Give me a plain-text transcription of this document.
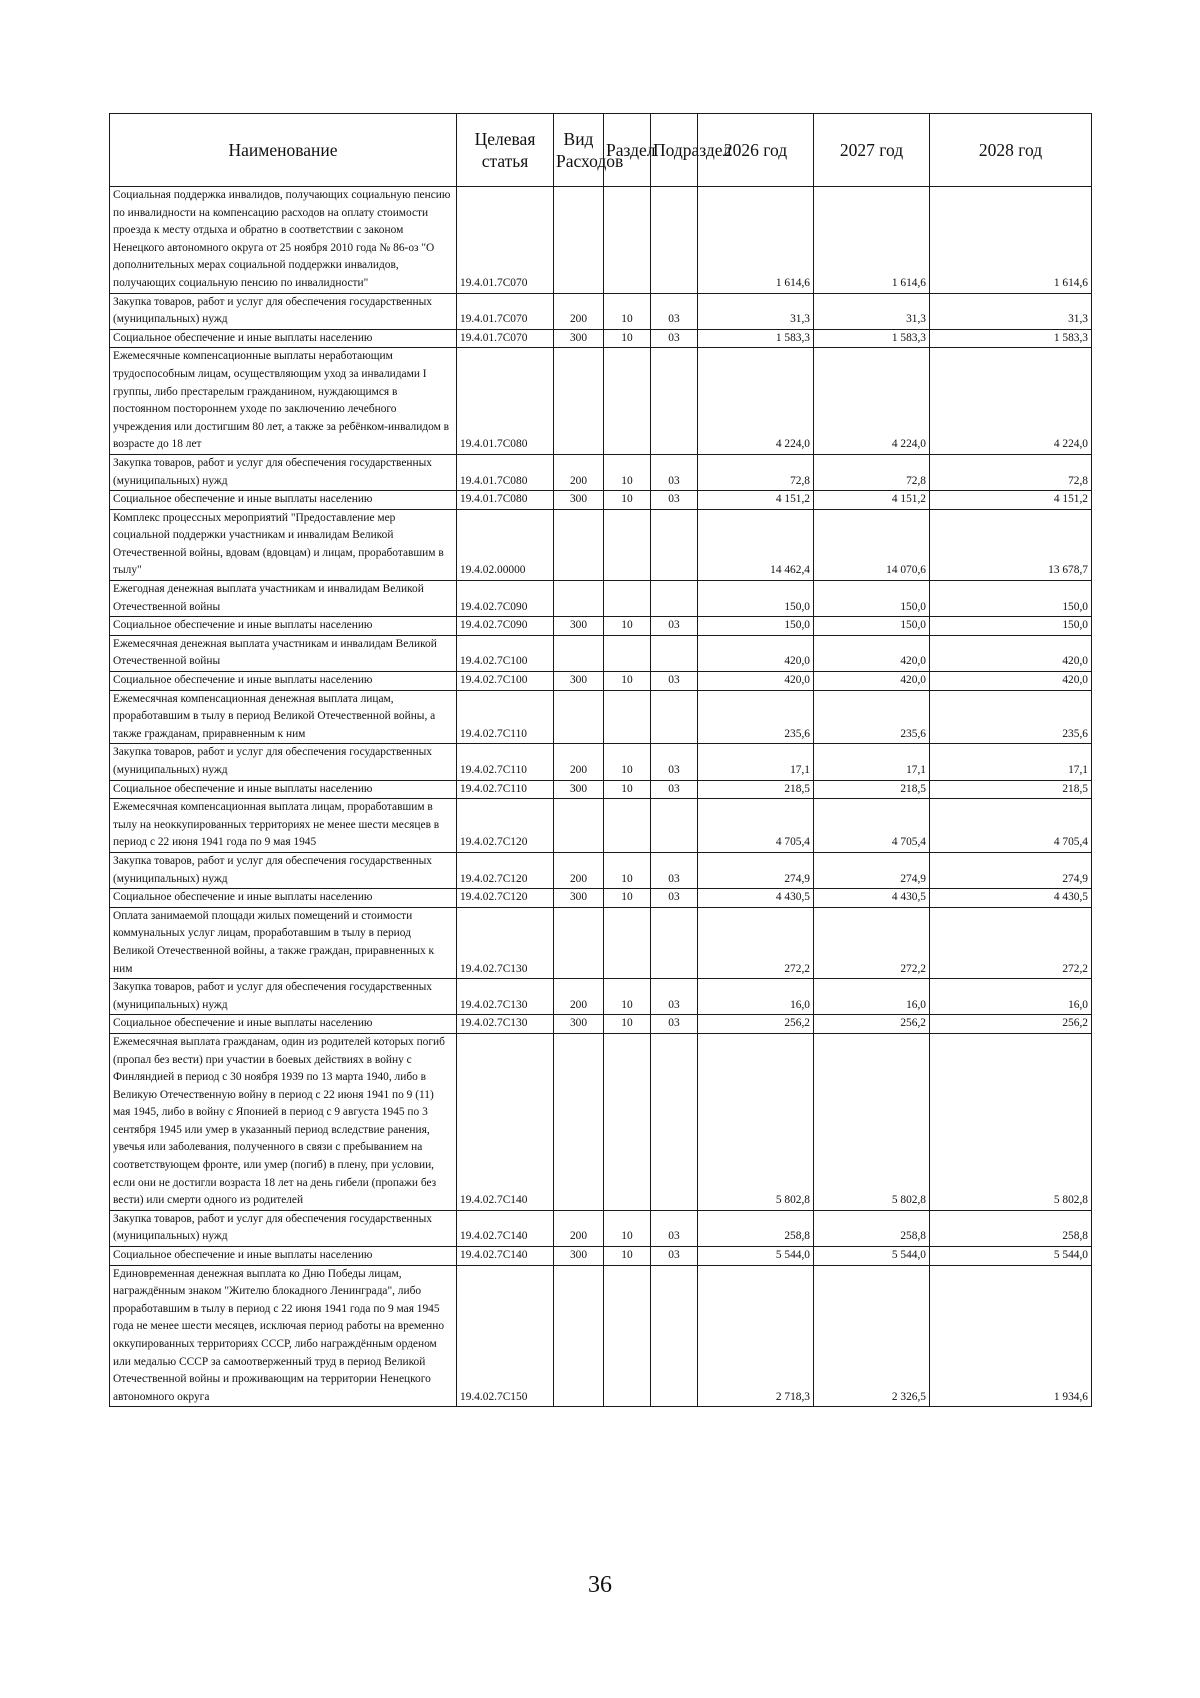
Наименование	Целевая статья	Вид Расходов	Раздел	Подраздел	2026 год	2027 год	2028 год
Социальная поддержка инвалидов, получающих социальную пенсию по инвалидности на компенсацию расходов на оплату стоимости проезда к месту отдыха и обратно в соответствии с законом Ненецкого автономного округа от 25 ноября 2010 года № 86-оз "О дополнительных мерах социальной поддержки инвалидов, получающих социальную пенсию по инвалидности"	19.4.01.7С070				1 614,6	1 614,6	1 614,6
Закупка товаров, работ и услуг для обеспечения государственных (муниципальных) нужд	19.4.01.7С070	200	10	03	31,3	31,3	31,3
Социальное обеспечение и иные выплаты населению	19.4.01.7С070	300	10	03	1 583,3	1 583,3	1 583,3
Ежемесячные компенсационные выплаты неработающим трудоспособным лицам, осуществляющим уход за инвалидами I группы, либо престарелым гражданином, нуждающимся в постоянном постороннем уходе по заключению лечебного учреждения или достигшим 80 лет, а также за ребёнком-инвалидом в возрасте до 18 лет	19.4.01.7С080				4 224,0	4 224,0	4 224,0
Закупка товаров, работ и услуг для обеспечения государственных (муниципальных) нужд	19.4.01.7С080	200	10	03	72,8	72,8	72,8
Социальное обеспечение и иные выплаты населению	19.4.01.7С080	300	10	03	4 151,2	4 151,2	4 151,2
Комплекс процессных мероприятий "Предоставление мер социальной поддержки участникам и инвалидам Великой Отечественной войны, вдовам (вдовцам) и лицам, проработавшим в тылу"	19.4.02.00000				14 462,4	14 070,6	13 678,7
Ежегодная денежная выплата участникам и инвалидам Великой Отечественной войны	19.4.02.7С090				150,0	150,0	150,0
Социальное обеспечение и иные выплаты населению	19.4.02.7С090	300	10	03	150,0	150,0	150,0
Ежемесячная денежная выплата участникам и инвалидам Великой Отечественной войны	19.4.02.7С100				420,0	420,0	420,0
Социальное обеспечение и иные выплаты населению	19.4.02.7С100	300	10	03	420,0	420,0	420,0
Ежемесячная компенсационная денежная выплата лицам, проработавшим в тылу в период Великой Отечественной войны, а также гражданам, приравненным к ним	19.4.02.7С110				235,6	235,6	235,6
Закупка товаров, работ и услуг для обеспечения государственных (муниципальных) нужд	19.4.02.7С110	200	10	03	17,1	17,1	17,1
Социальное обеспечение и иные выплаты населению	19.4.02.7С110	300	10	03	218,5	218,5	218,5
Ежемесячная компенсационная выплата лицам, проработавшим в тылу на неоккупированных территориях не менее шести месяцев в период с 22 июня 1941 года по 9 мая 1945	19.4.02.7С120				4 705,4	4 705,4	4 705,4
Закупка товаров, работ и услуг для обеспечения государственных (муниципальных) нужд	19.4.02.7С120	200	10	03	274,9	274,9	274,9
Социальное обеспечение и иные выплаты населению	19.4.02.7С120	300	10	03	4 430,5	4 430,5	4 430,5
Оплата занимаемой площади жилых помещений и стоимости коммунальных услуг лицам, проработавшим в тылу в период Великой Отечественной войны, а также граждан, приравненных к ним	19.4.02.7С130				272,2	272,2	272,2
Закупка товаров, работ и услуг для обеспечения государственных (муниципальных) нужд	19.4.02.7С130	200	10	03	16,0	16,0	16,0
Социальное обеспечение и иные выплаты населению	19.4.02.7С130	300	10	03	256,2	256,2	256,2
Ежемесячная выплата гражданам, один из родителей которых погиб (пропал без вести) при участии в боевых действиях в войну с Финляндией в период с 30 ноября 1939 по 13 марта 1940, либо в Великую Отечественную войну в период с 22 июня 1941 по 9 (11) мая 1945, либо в войну с Японией в период с 9 августа 1945 по 3 сентября 1945 или умер в указанный период вследствие ранения, увечья или заболевания, полученного в связи с пребыванием на соответствующем фронте, или умер (погиб) в плену, при условии, если они не достигли возраста 18 лет на день гибели (пропажи без вести) или смерти одного из родителей	19.4.02.7С140				5 802,8	5 802,8	5 802,8
Закупка товаров, работ и услуг для обеспечения государственных (муниципальных) нужд	19.4.02.7С140	200	10	03	258,8	258,8	258,8
Социальное обеспечение и иные выплаты населению	19.4.02.7С140	300	10	03	5 544,0	5 544,0	5 544,0
Единовременная денежная выплата ко Дню Победы лицам, награждённым знаком "Жителю блокадного Ленинграда", либо проработавшим в тылу в период с 22 июня 1941 года по 9 мая 1945 года не менее шести месяцев, исключая период работы на временно оккупированных территориях СССР, либо награждённым орденом или медалью СССР за самоотверженный труд в период Великой Отечественной войны и проживающим на территории Ненецкого автономного округа	19.4.02.7С150				2 718,3	2 326,5	1 934,6
36
